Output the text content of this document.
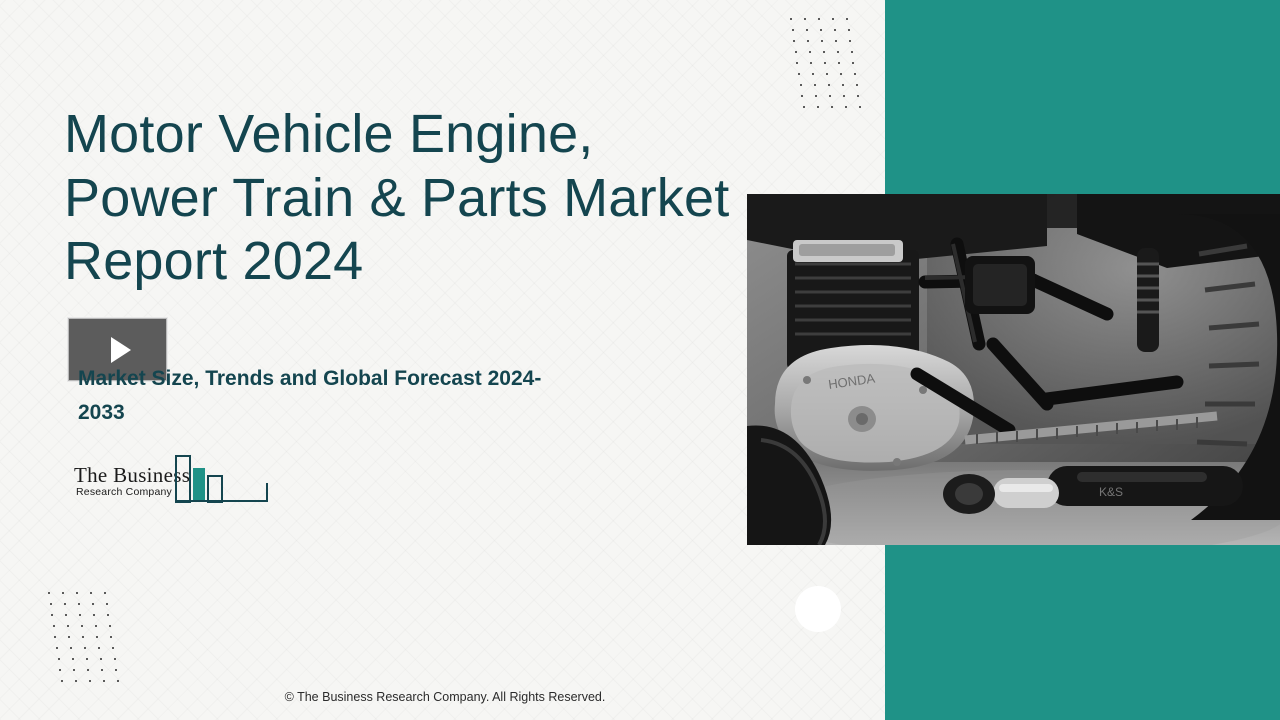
Motor Vehicle Engine, Power Train & Parts Market Report 2024
Market Size, Trends and Global Forecast 2024-2033
The Business
Research Company
HONDA
K&S
© The Business Research Company. All Rights Reserved.
